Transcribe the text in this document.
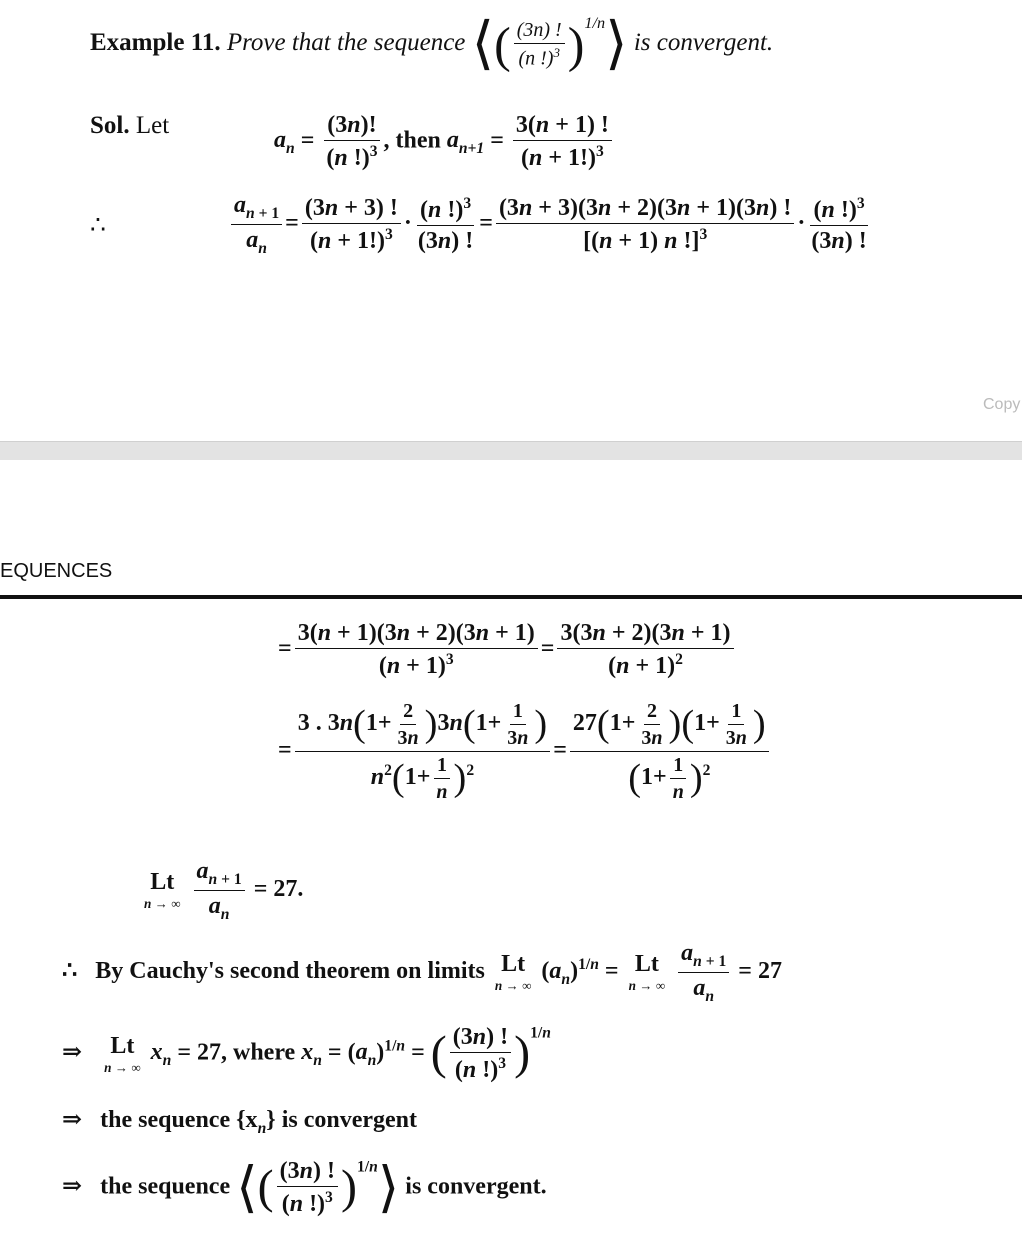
Example 11. Prove that the sequence ⟨( $\frac{(3n) !}{(n !)^3}$ )$^{1/n}$⟩ is convergent.
Sol. Let
$a_n = \frac{(3n)!}{(n !)^3}$ , then $a_{n+1} = \frac{3(n + 1) !}{(n + 1!)^3}$
∴	$\frac{a_{n + 1}}{a_n} = \frac{(3n + 3) !}{(n + 1!)^3} \cdot \frac{(n !)^3}{(3n) !} = \frac{(3n + 3)(3n + 2)(3n + 1)(3n) !}{[(n + 1) n !]^3} \cdot \frac{(n !)^3}{(3n) !}$
Copy
EQUENCES
= $\frac{3(n + 1)(3n + 2)(3n + 1)}{(n + 1)^3} = \frac{3(3n + 2)(3n + 1)}{(n + 1)^2}$
= $\frac{3 . 3n(1+ \frac{2}{3n} )3n(1+ \frac{1}{3n} )}{n^2(1+ \frac{1}{n} )^2} = \frac{27(1+ \frac{2}{3n} )(1+ \frac{1}{3n} )}{(1+ \frac{1}{n} )^2}$
Lt
n → ∞
$\frac{a_{n + 1}}{a_n} = 27$.
∴   By Cauchy's second theorem on limits Lt
n → ∞
$(a_n)^{1/n} = Lt$
n → ∞
$\frac{a_{n + 1}}{a_n} = 27$
⇒ Lt
n → ∞
$x_n = 27$, where $x_n = (a_n)^{1/n}$ = ( $\frac{(3n) !}{(n !)^3} )^{1/n}$
⇒ the sequence $\{x_n\}$ is convergent
⇒ the sequence ⟨( $\frac{(3n) !}{(n !)^3}$ )$^{1/n}$⟩ is convergent.
